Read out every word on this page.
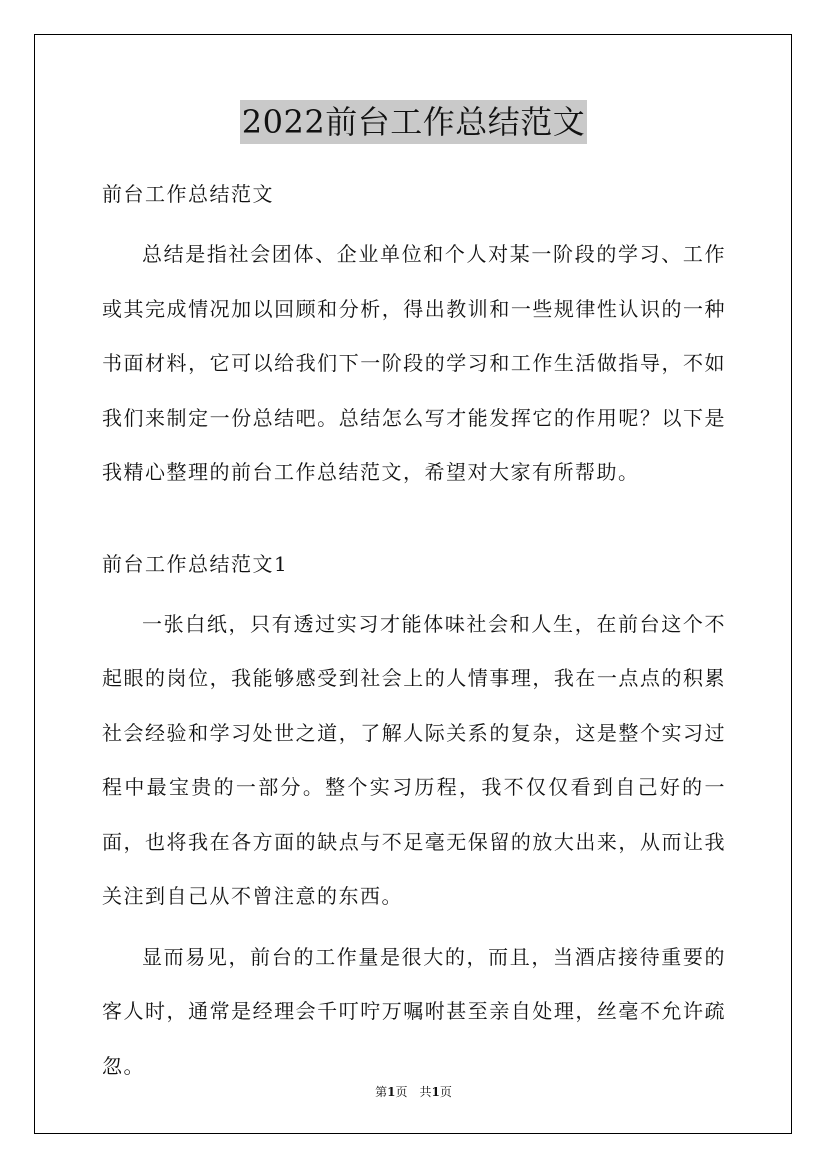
2022前台工作总结范文

前台工作总结范文

总结是指社会团体、企业单位和个人对某一阶段的学习、工作或其完成情况加以回顾和分析，得出教训和一些规律性认识的一种书面材料，它可以给我们下一阶段的学习和工作生活做指导，不如我们来制定一份总结吧。总结怎么写才能发挥它的作用呢？以下是我精心整理的前台工作总结范文，希望对大家有所帮助。

前台工作总结范文1

一张白纸，只有透过实习才能体味社会和人生，在前台这个不起眼的岗位，我能够感受到社会上的人情事理，我在一点点的积累社会经验和学习处世之道，了解人际关系的复杂，这是整个实习过程中最宝贵的一部分。整个实习历程，我不仅仅看到自己好的一面，也将我在各方面的缺点与不足毫无保留的放大出来，从而让我关注到自己从不曾注意的东西。

显而易见，前台的工作量是很大的，而且，当酒店接待重要的客人时，通常是经理会千叮咛万嘱咐甚至亲自处理，丝毫不允许疏忽。

第1页　共1页
